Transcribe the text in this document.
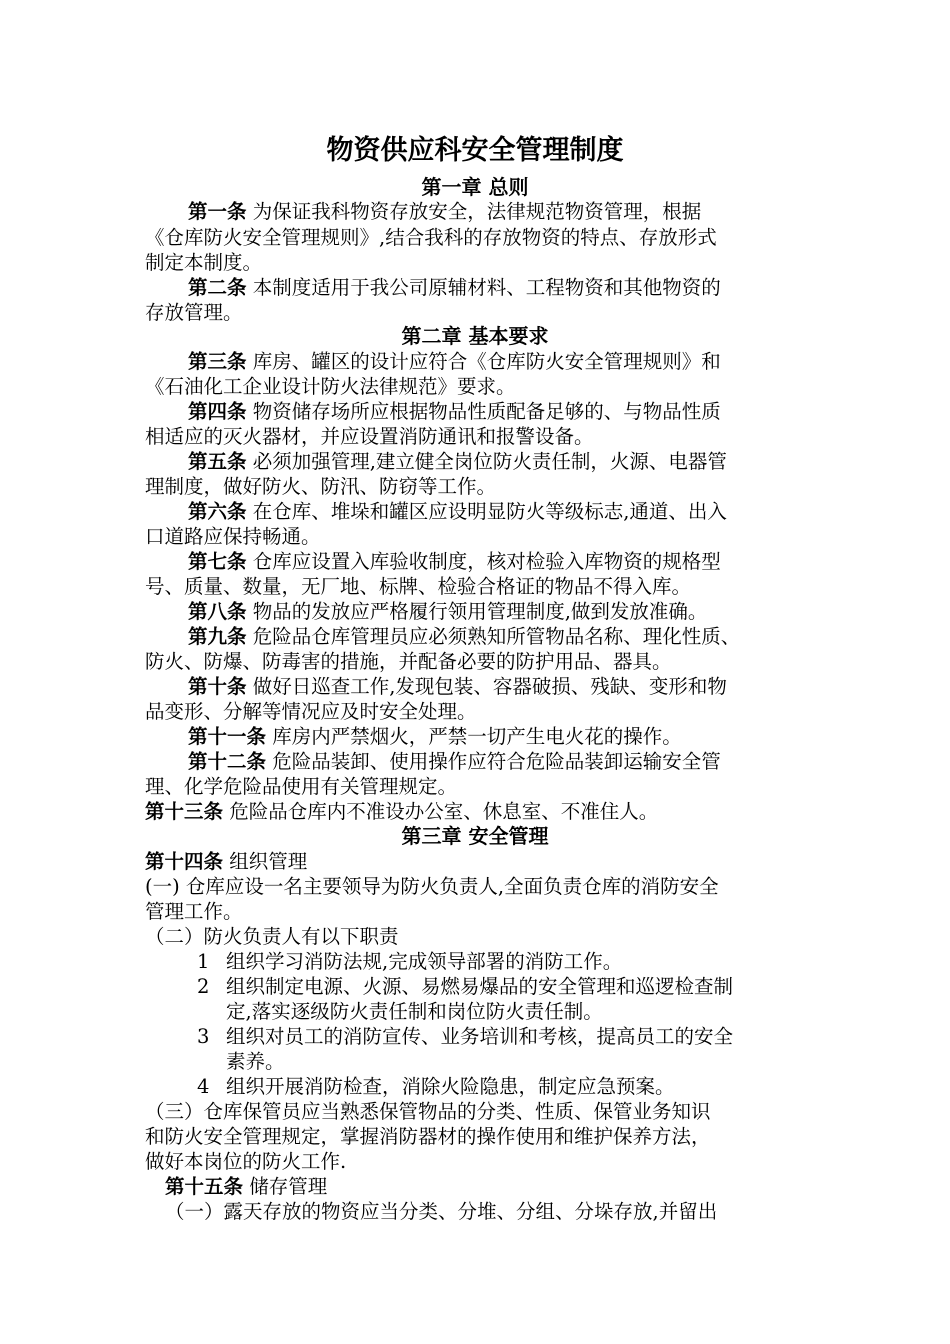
物资供应科安全管理制度
第一章 总则
第一条 为保证我科物资存放安全，法律规范物资管理，根据
《仓库防火安全管理规则》,结合我科的存放物资的特点、存放形式
制定本制度。
第二条 本制度适用于我公司原辅材料、工程物资和其他物资的
存放管理。
第二章 基本要求
第三条 库房、罐区的设计应符合《仓库防火安全管理规则》和
《石油化工企业设计防火法律规范》要求。
第四条 物资储存场所应根据物品性质配备足够的、与物品性质
相适应的灭火器材，并应设置消防通讯和报警设备。
第五条 必须加强管理,建立健全岗位防火责任制，火源、电器管
理制度，做好防火、防汛、防窃等工作。
第六条 在仓库、堆垛和罐区应设明显防火等级标志,通道、出入
口道路应保持畅通。
第七条 仓库应设置入库验收制度，核对检验入库物资的规格型
号、质量、数量，无厂地、标牌、检验合格证的物品不得入库。
第八条 物品的发放应严格履行领用管理制度,做到发放准确。
第九条 危险品仓库管理员应必须熟知所管物品名称、理化性质、
防火、防爆、防毒害的措施，并配备必要的防护用品、器具。
第十条 做好日巡查工作,发现包装、容器破损、残缺、变形和物
品变形、分解等情况应及时安全处理。
第十一条 库房内严禁烟火，严禁一切产生电火花的操作。
第十二条 危险品装卸、使用操作应符合危险品装卸运输安全管
理、化学危险品使用有关管理规定。
第十三条 危险品仓库内不准设办公室、休息室、不准住人。
第三章 安全管理
第十四条 组织管理
(一) 仓库应设一名主要领导为防火负责人,全面负责仓库的消防安全
管理工作。
（二）防火负责人有以下职责
1 组织学习消防法规,完成领导部署的消防工作。
2 组织制定电源、火源、易燃易爆品的安全管理和巡逻检查制
定,落实逐级防火责任制和岗位防火责任制。
3 组织对员工的消防宣传、业务培训和考核，提高员工的安全
素养。
4 组织开展消防检查，消除火险隐患，制定应急预案。
（三）仓库保管员应当熟悉保管物品的分类、性质、保管业务知识
和防火安全管理规定，掌握消防器材的操作使用和维护保养方法，
做好本岗位的防火工作.
第十五条 储存管理
（一）露天存放的物资应当分类、分堆、分组、分垛存放,并留出
